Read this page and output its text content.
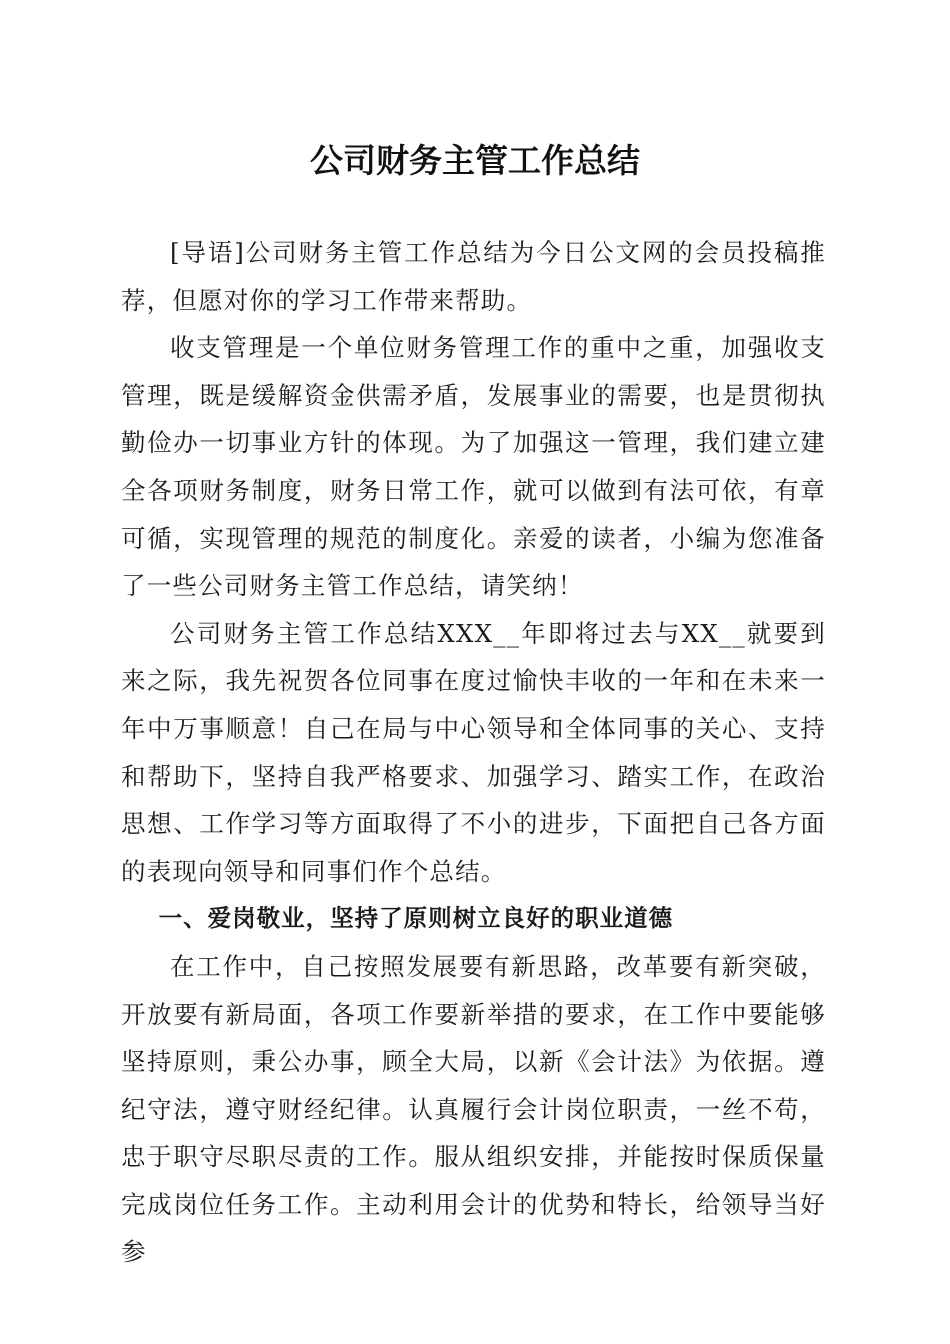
公司财务主管工作总结

[导语]公司财务主管工作总结为今日公文网的会员投稿推荐，但愿对你的学习工作带来帮助。

收支管理是一个单位财务管理工作的重中之重，加强收支管理，既是缓解资金供需矛盾，发展事业的需要，也是贯彻执勤俭办一切事业方针的体现。为了加强这一管理，我们建立建全各项财务制度，财务日常工作，就可以做到有法可依，有章可循，实现管理的规范的制度化。亲爱的读者，小编为您准备了一些公司财务主管工作总结，请笑纳！

公司财务主管工作总结XXX__年即将过去与XX__就要到来之际，我先祝贺各位同事在度过愉快丰收的一年和在未来一年中万事顺意！自己在局与中心领导和全体同事的关心、支持和帮助下，坚持自我严格要求、加强学习、踏实工作，在政治思想、工作学习等方面取得了不小的进步，下面把自己各方面的表现向领导和同事们作个总结。

一、爱岗敬业，坚持了原则树立良好的职业道德

在工作中，自己按照发展要有新思路，改革要有新突破，开放要有新局面，各项工作要新举措的要求，在工作中要能够坚持原则，秉公办事，顾全大局，以新《会计法》为依据。遵纪守法，遵守财经纪律。认真履行会计岗位职责，一丝不苟，忠于职守尽职尽责的工作。服从组织安排，并能按时保质保量完成岗位任务工作。主动利用会计的优势和特长，给领导当好参
